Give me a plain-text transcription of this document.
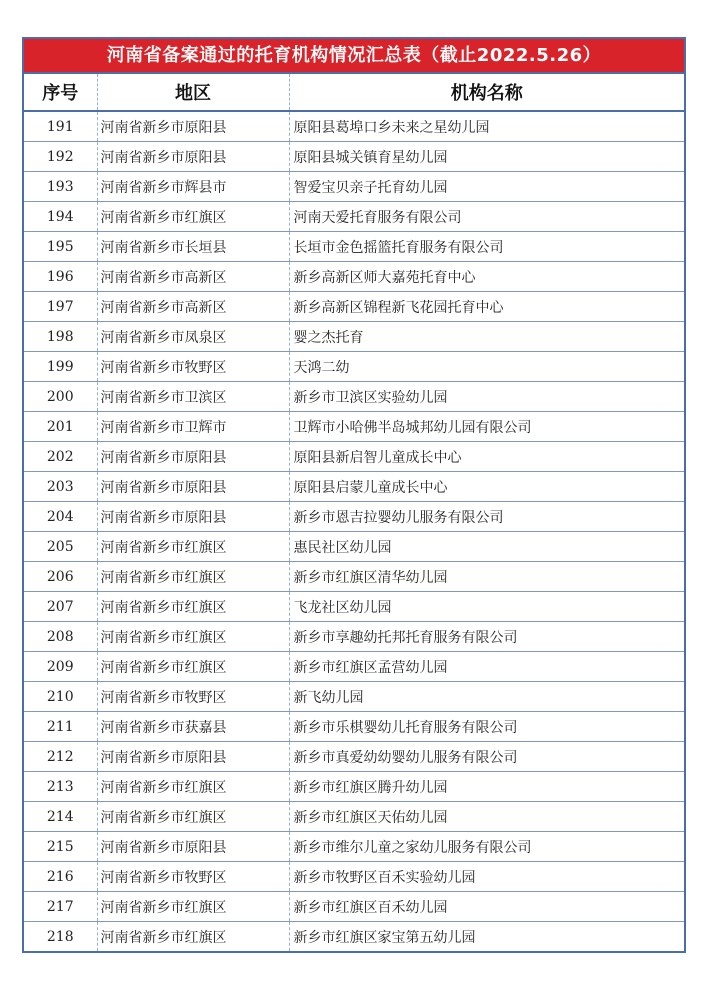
河南省备案通过的托育机构情况汇总表（截止2022.5.26）
序号	地区	机构名称
191	河南省新乡市原阳县	原阳县葛埠口乡未来之星幼儿园
192	河南省新乡市原阳县	原阳县城关镇育星幼儿园
193	河南省新乡市辉县市	智爱宝贝亲子托育幼儿园
194	河南省新乡市红旗区	河南天爱托育服务有限公司
195	河南省新乡市长垣县	长垣市金色摇篮托育服务有限公司
196	河南省新乡市高新区	新乡高新区师大嘉苑托育中心
197	河南省新乡市高新区	新乡高新区锦程新飞花园托育中心
198	河南省新乡市凤泉区	婴之杰托育
199	河南省新乡市牧野区	天鸿二幼
200	河南省新乡市卫滨区	新乡市卫滨区实验幼儿园
201	河南省新乡市卫辉市	卫辉市小哈佛半岛城邦幼儿园有限公司
202	河南省新乡市原阳县	原阳县新启智儿童成长中心
203	河南省新乡市原阳县	原阳县启蒙儿童成长中心
204	河南省新乡市原阳县	新乡市恩吉拉婴幼儿服务有限公司
205	河南省新乡市红旗区	惠民社区幼儿园
206	河南省新乡市红旗区	新乡市红旗区清华幼儿园
207	河南省新乡市红旗区	飞龙社区幼儿园
208	河南省新乡市红旗区	新乡市享趣幼托邦托育服务有限公司
209	河南省新乡市红旗区	新乡市红旗区孟营幼儿园
210	河南省新乡市牧野区	新飞幼儿园
211	河南省新乡市获嘉县	新乡市乐棋婴幼儿托育服务有限公司
212	河南省新乡市原阳县	新乡市真爱幼幼婴幼儿服务有限公司
213	河南省新乡市红旗区	新乡市红旗区腾升幼儿园
214	河南省新乡市红旗区	新乡市红旗区天佑幼儿园
215	河南省新乡市原阳县	新乡市维尔儿童之家幼儿服务有限公司
216	河南省新乡市牧野区	新乡市牧野区百禾实验幼儿园
217	河南省新乡市红旗区	新乡市红旗区百禾幼儿园
218	河南省新乡市红旗区	新乡市红旗区家宝第五幼儿园
